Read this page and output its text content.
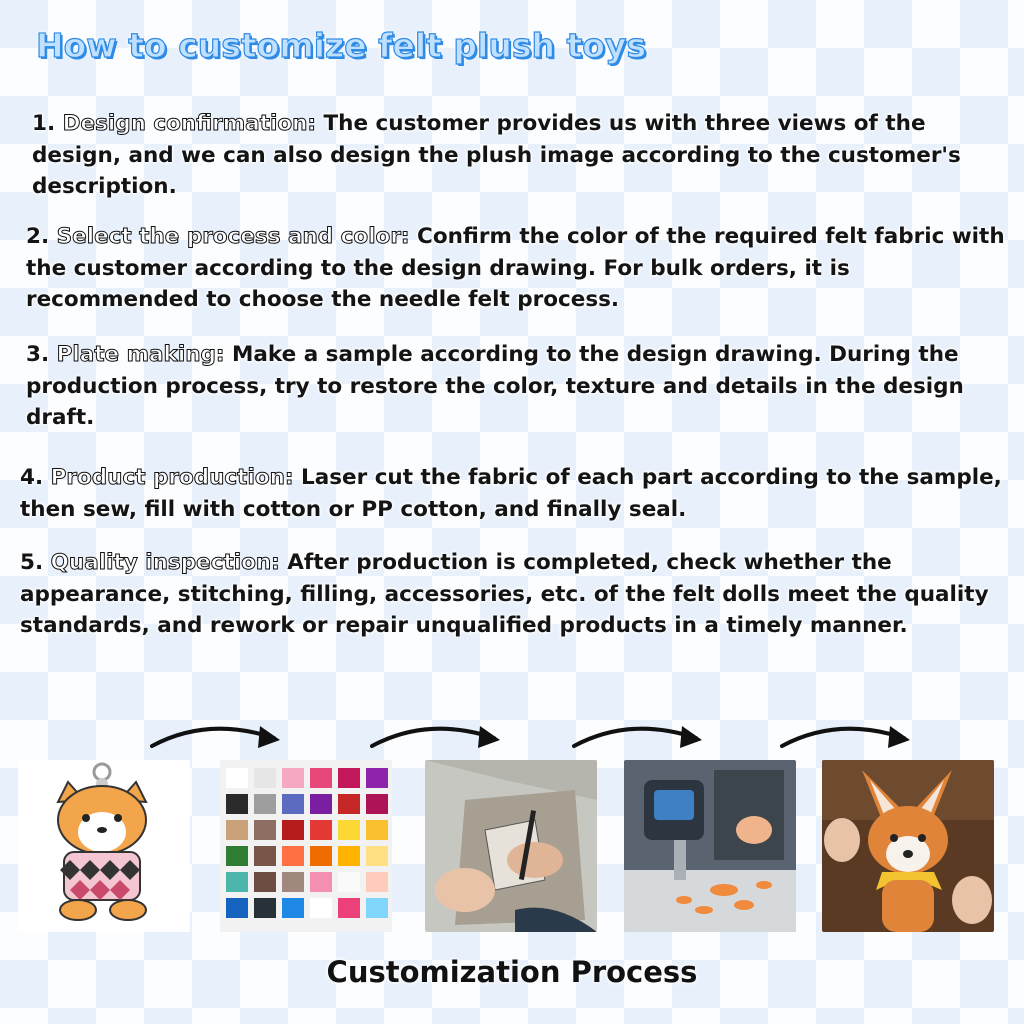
How to customize felt plush toys

1. Design confirmation: The customer provides us with three views of the design, and we can also design the plush image according to the customer's description.

2. Select the process and color: Confirm the color of the required felt fabric with the customer according to the design drawing. For bulk orders, it is recommended to choose the needle felt process.

3. Plate making: Make a sample according to the design drawing. During the production process, try to restore the color, texture and details in the design draft.

4. Product production: Laser cut the fabric of each part according to the sample, then sew, fill with cotton or PP cotton, and finally seal.

5. Quality inspection: After production is completed, check whether the appearance, stitching, filling, accessories, etc. of the felt dolls meet the quality standards, and rework or repair unqualified products in a timely manner.

Customization Process
